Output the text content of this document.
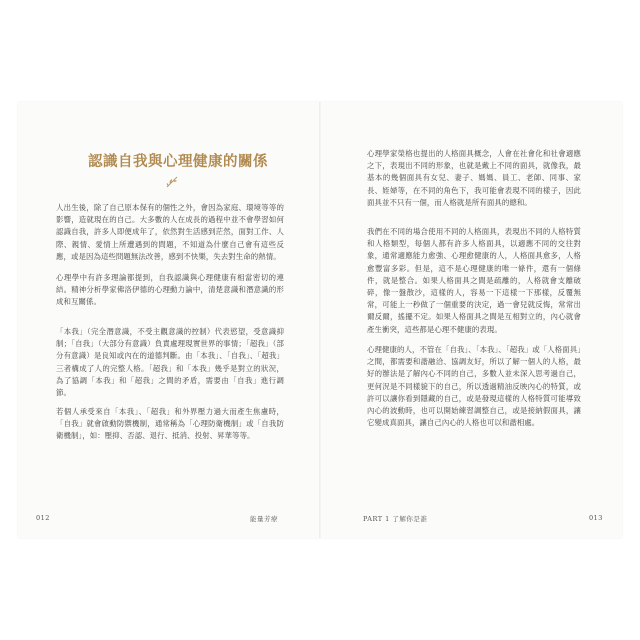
認識自我與心理健康的關係

人出生後，除了自己原本保有的個性之外，會因為家庭、環境等等的影響，造就現在的自己。大多數的人在成長的過程中並不會學習如何認識自我，許多人即便成年了，依然對生活感到茫然，面對工作、人際、親情、愛情上所遭遇到的問題，不知道為什麼自己會有這些反應，或是因為這些問題無法改善，感到不快樂，失去對生命的熱情。

心理學中有許多理論都提到，自我認識與心理健康有相當密切的連結。精神分析學家佛洛伊德的心理動力論中，清楚意識和潛意識的形成和互關係。

「本我」（完全潛意識，不受主觀意識的控制）代表慾望，受意識抑制；「自我」（大部分有意識）負責處理現實世界的事情；「超我」（部分有意識）是良知或內在的道德判斷。由「本我」、「自我」、「超我」三者構成了人的完整人格。「超我」和「本我」幾乎是對立的狀況，為了協調「本我」和「超我」之間的矛盾，需要由「自我」進行調節。

若個人承受來自「本我」、「超我」和外界壓力過大而產生焦慮時，「自我」就會啟動防禦機制，通常稱為「心理防衛機制」或「自我防衛機制」，如：壓抑、否認、退行、抵消、投射、昇華等等。

012	能量芳療

心理學家榮格也提出的人格面具概念，人會在社會化和社會適應之下，表現出不同的形象，也就是戴上不同的面具，就像我，最基本的幾個面具有女兒、妻子、媽媽、員工、老師、同事、家長、姪婦等，在不同的角色下，我可能會表現不同的樣子，因此面具並不只有一個，而人格就是所有面具的總和。

我們在不同的場合使用不同的人格面具，表現出不同的人格特質和人格類型，每個人都有許多人格面具，以適應不同的交往對象，通常適應能力愈強、心理愈健康的人，人格面具愈多，人格愈豐富多彩。但是，這不是心理健康的唯一條件，還有一個條件，就是整合。如果人格面具之間是疏離的，人格就會支離破碎，像一盤散沙，這樣的人，容易一下這樣一下那樣，反覆無常，可能上一秒做了一個重要的決定，過一會兒就反悔，常常出爾反爾，搖擺不定。如果人格面具之間是互相對立的，內心就會產生衝突，這些都是心理不健康的表現。

心理健康的人，不管在「自我」、「本我」、「超我」或「人格面具」之間，都需要和諧融洽、協調友好，所以了解一個人的人格，最好的辦法是了解內心不同的自己，多數人並未深入思考過自己，更何況是不同樣貌下的自己，所以透過精油反映內心的特質，或許可以讓你看到隱藏的自己，或是發現這樣的人格特質可能導致內心的波動時，也可以開始練習調整自己，或是接納假面具，讓它變成真面具，讓自己內心的人格也可以和諧相處。

PART 1 了解你是誰	013
